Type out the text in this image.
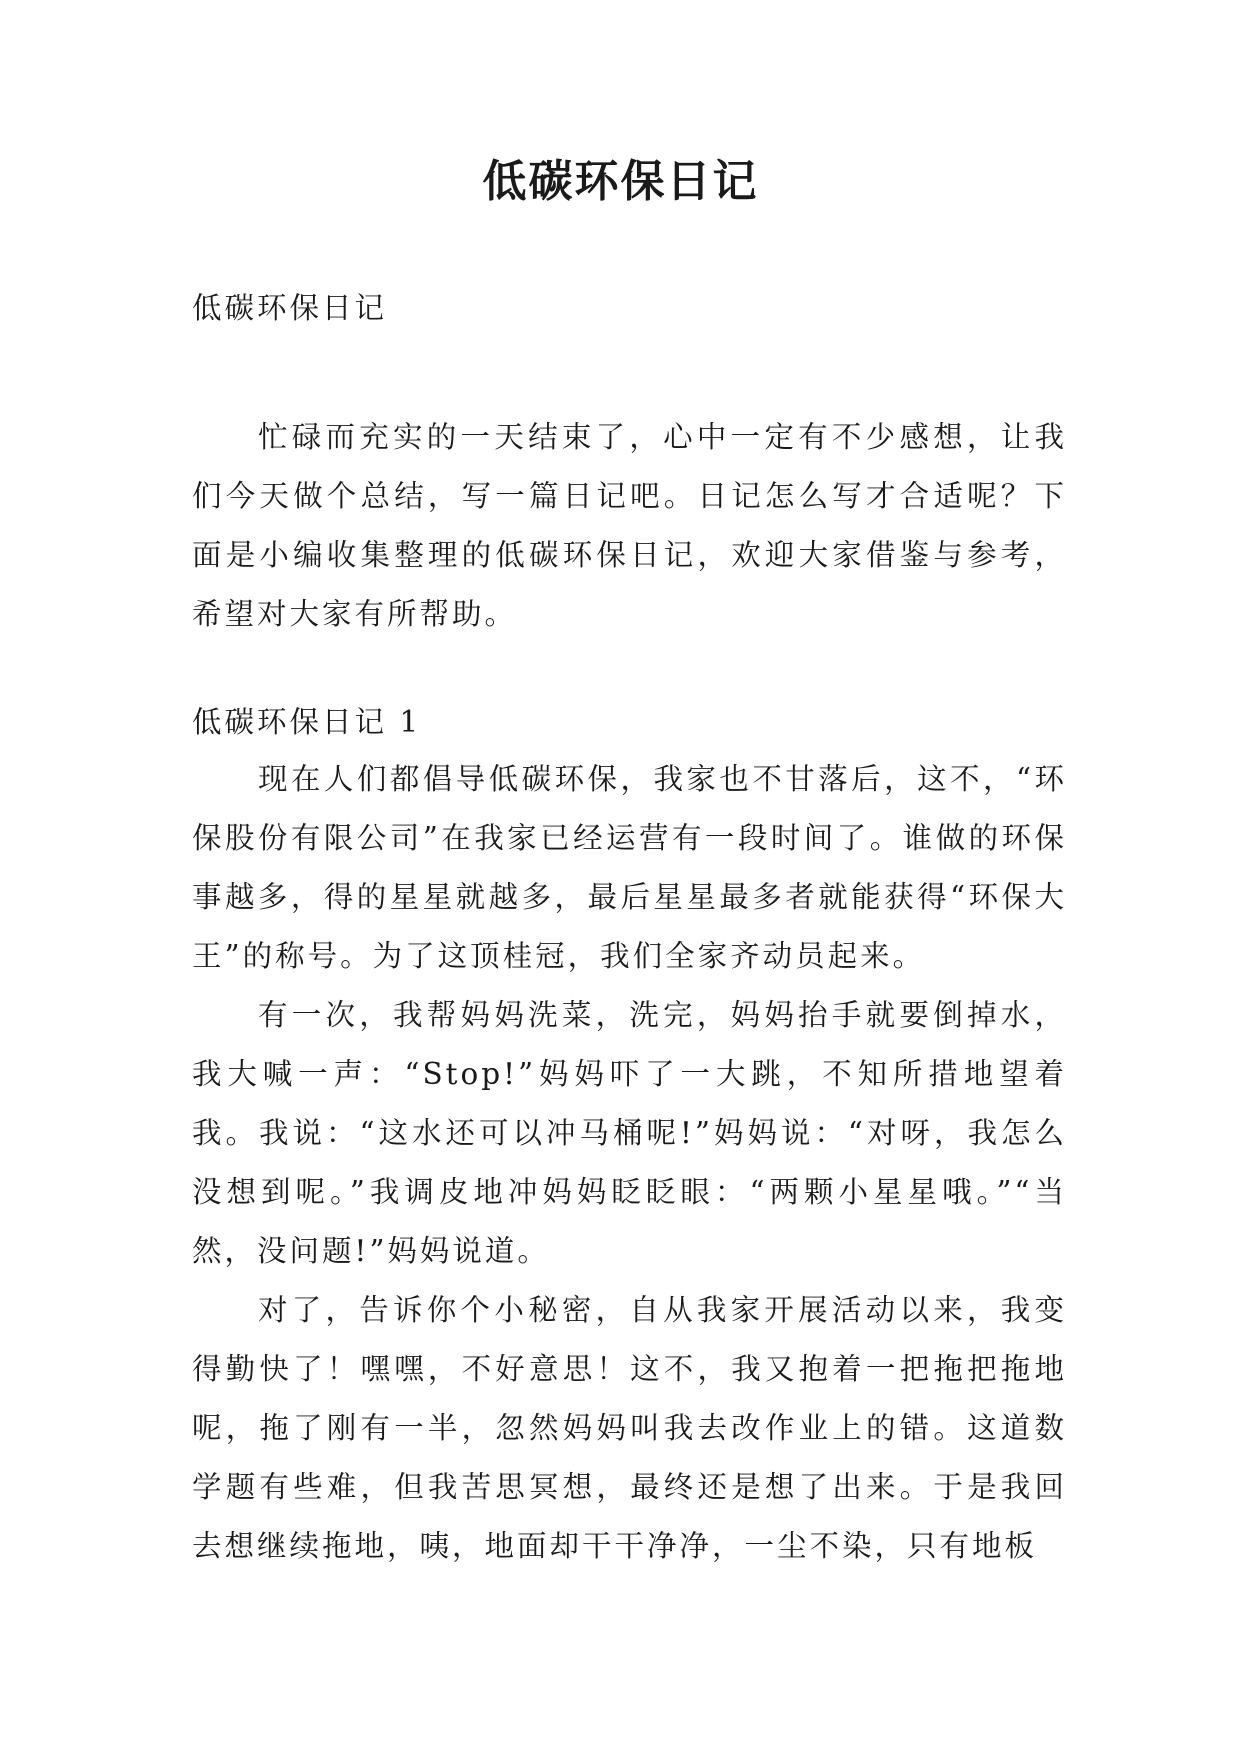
低碳环保日记

低碳环保日记

忙碌而充实的一天结束了，心中一定有不少感想，让我们今天做个总结，写一篇日记吧。日记怎么写才合适呢？下面是小编收集整理的低碳环保日记，欢迎大家借鉴与参考，希望对大家有所帮助。

低碳环保日记 1

现在人们都倡导低碳环保，我家也不甘落后，这不，“环保股份有限公司”在我家已经运营有一段时间了。谁做的环保事越多，得的星星就越多，最后星星最多者就能获得“环保大王”的称号。为了这顶桂冠，我们全家齐动员起来。

有一次，我帮妈妈洗菜，洗完，妈妈抬手就要倒掉水，我大喊一声：“Stop!”妈妈吓了一大跳，不知所措地望着我。我说：“这水还可以冲马桶呢!”妈妈说：“对呀，我怎么没想到呢。”我调皮地冲妈妈眨眨眼：“两颗小星星哦。”“当然，没问题!”妈妈说道。

对了，告诉你个小秘密，自从我家开展活动以来，我变得勤快了！嘿嘿，不好意思！这不，我又抱着一把拖把拖地呢，拖了刚有一半，忽然妈妈叫我去改作业上的错。这道数学题有些难，但我苦思冥想，最终还是想了出来。于是我回去想继续拖地，咦，地面却干干净净，一尘不染，只有地板
